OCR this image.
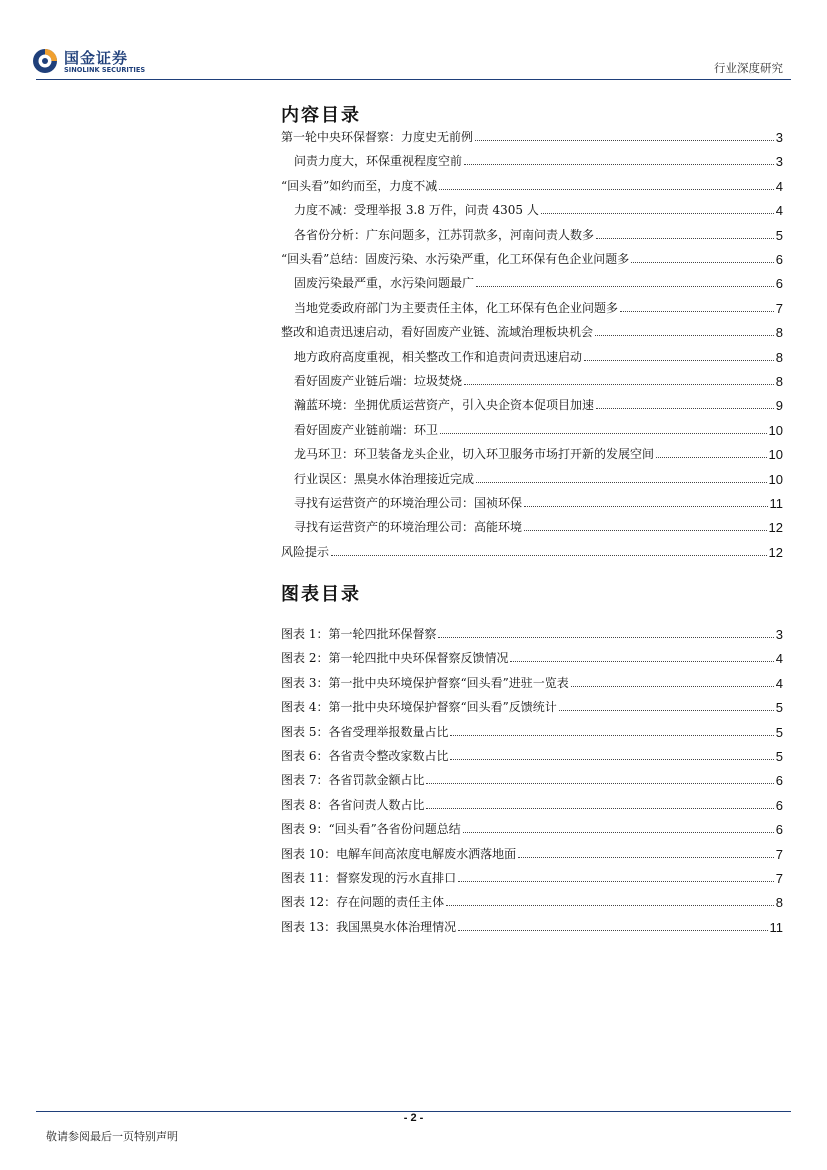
国金证券
SINOLINK SECURITIES	行业深度研究
内容目录
第一轮中央环保督察：力度史无前例	3
问责力度大，环保重视程度空前	3
“回头看”如约而至，力度不减	4
力度不减：受理举报 3.8 万件，问责 4305 人	4
各省份分析：广东问题多，江苏罚款多，河南问责人数多	5
“回头看”总结：固废污染、水污染严重，化工环保有色企业问题多	6
固废污染最严重，水污染问题最广	6
当地党委政府部门为主要责任主体，化工环保有色企业问题多	7
整改和追责迅速启动，看好固废产业链、流域治理板块机会	8
地方政府高度重视，相关整改工作和追责问责迅速启动	8
看好固废产业链后端：垃圾焚烧	8
瀚蓝环境：坐拥优质运营资产，引入央企资本促项目加速	9
看好固废产业链前端：环卫	10
龙马环卫：环卫装备龙头企业，切入环卫服务市场打开新的发展空间	10
行业误区：黑臭水体治理接近完成	10
寻找有运营资产的环境治理公司：国祯环保	11
寻找有运营资产的环境治理公司：高能环境	12
风险提示	12
图表目录
图表 1：第一轮四批环保督察	3
图表 2：第一轮四批中央环保督察反馈情况	4
图表 3：第一批中央环境保护督察“回头看”进驻一览表	4
图表 4：第一批中央环境保护督察“回头看”反馈统计	5
图表 5：各省受理举报数量占比	5
图表 6：各省责令整改家数占比	5
图表 7：各省罚款金额占比	6
图表 8：各省问责人数占比	6
图表 9：“回头看”各省份问题总结	6
图表 10：电解车间高浓度电解废水洒落地面	7
图表 11：督察发现的污水直排口	7
图表 12：存在问题的责任主体	8
图表 13：我国黑臭水体治理情况	11
- 2 -
敬请参阅最后一页特别声明
